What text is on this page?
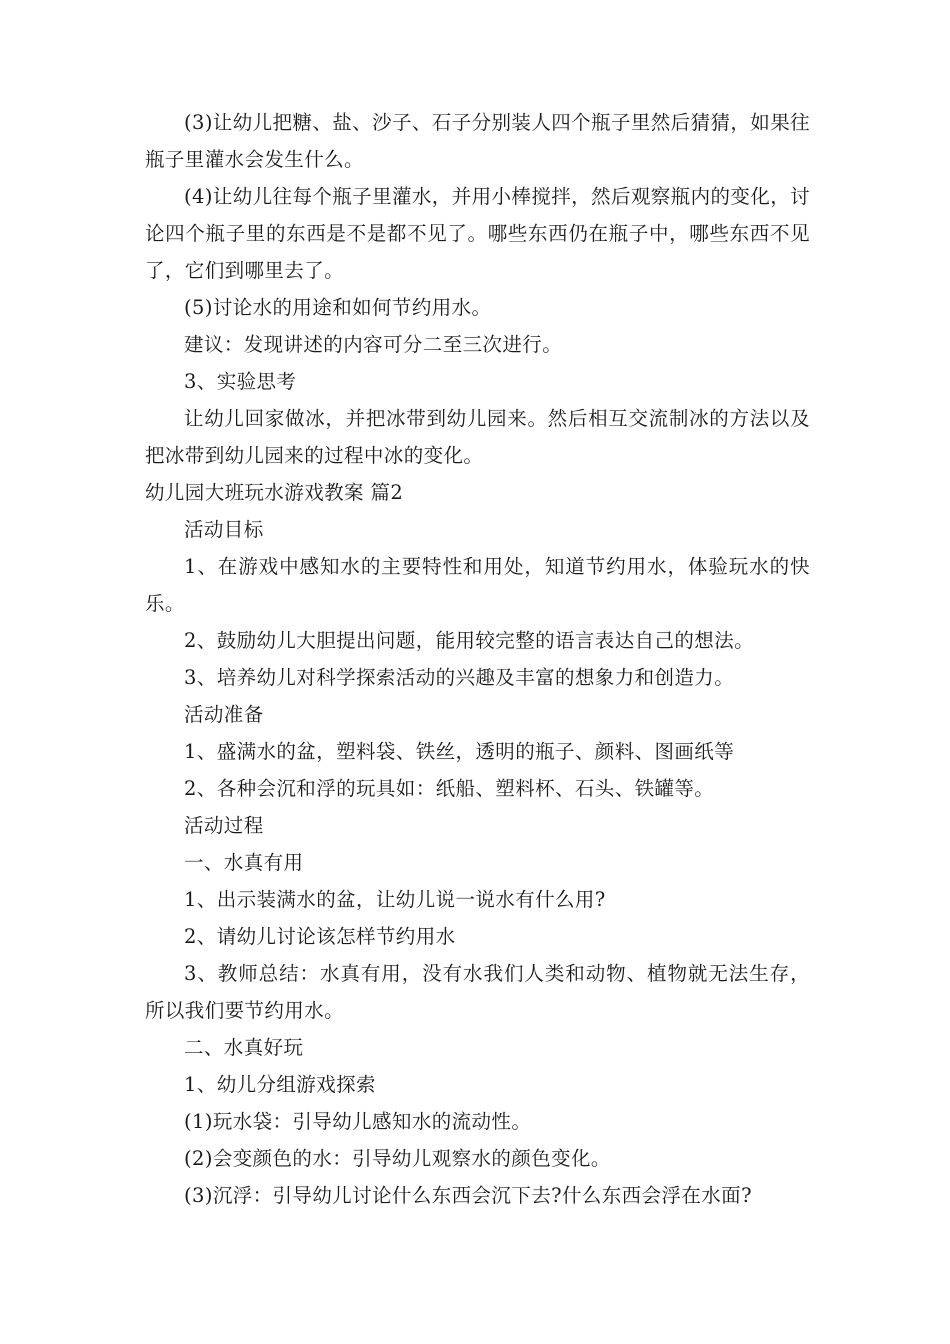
(3)让幼儿把糖、盐、沙子、石子分别装人四个瓶子里然后猜猜，如果往瓶子里灌水会发生什么。

(4)让幼儿往每个瓶子里灌水，并用小棒搅拌，然后观察瓶内的变化，讨论四个瓶子里的东西是不是都不见了。哪些东西仍在瓶子中，哪些东西不见了，它们到哪里去了。

(5)讨论水的用途和如何节约用水。

建议：发现讲述的内容可分二至三次进行。

3、实验思考

让幼儿回家做冰，并把冰带到幼儿园来。然后相互交流制冰的方法以及把冰带到幼儿园来的过程中冰的变化。

幼儿园大班玩水游戏教案 篇2

活动目标

1、在游戏中感知水的主要特性和用处，知道节约用水，体验玩水的快乐。

2、鼓励幼儿大胆提出问题，能用较完整的语言表达自己的想法。

3、培养幼儿对科学探索活动的兴趣及丰富的想象力和创造力。

活动准备

1、盛满水的盆，塑料袋、铁丝，透明的瓶子、颜料、图画纸等

2、各种会沉和浮的玩具如：纸船、塑料杯、石头、铁罐等。

活动过程

一、水真有用

1、出示装满水的盆，让幼儿说一说水有什么用?

2、请幼儿讨论该怎样节约用水

3、教师总结：水真有用，没有水我们人类和动物、植物就无法生存，所以我们要节约用水。

二、水真好玩

1、幼儿分组游戏探索

(1)玩水袋：引导幼儿感知水的流动性。

(2)会变颜色的水：引导幼儿观察水的颜色变化。

(3)沉浮：引导幼儿讨论什么东西会沉下去?什么东西会浮在水面?
